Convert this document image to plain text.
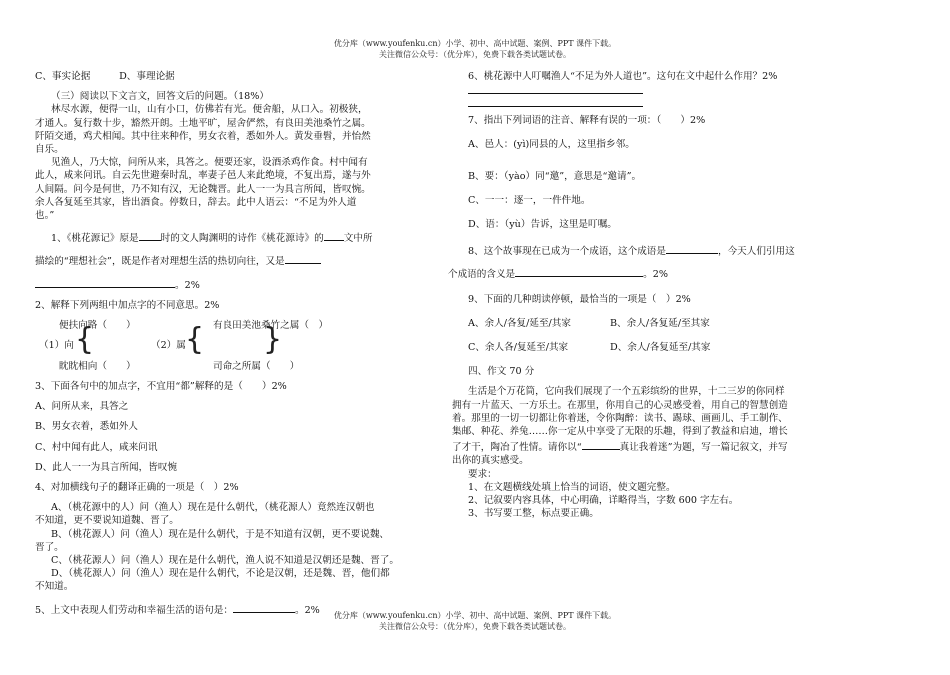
优分库（www.youfenku.cn）小学、初中、高中试题、案例、PPT 课件下载。
关注微信公众号：（优分库），免费下载各类试题试卷。

C、事实论据　　　D、事理论据

（三）阅读以下文言文，回答文后的问题。（18%）

林尽水源，便得一山，山有小口，仿佛若有光。便舍船，从口入。初极狭，

才通人。复行数十步，豁然开朗。土地平旷，屋舍俨然，有良田美池桑竹之属。

阡陌交通，鸡犬相闻。其中往来种作，男女衣着，悉如外人。黄发垂髫，并怡然

自乐。

见渔人，乃大惊，问所从来，具答之。便要还家，设酒杀鸡作食。村中闻有

此人，咸来问讯。自云先世避秦时乱，率妻子邑人来此绝境，不复出焉，遂与外

人间隔。问今是何世，乃不知有汉，无论魏晋。此人一一为具言所闻，皆叹惋。

余人各复延至其家，皆出酒食。停数日，辞去。此中人语云：“不足为外人道

也。”

1、《桃花源记》原是 时的文人陶渊明的诗作《桃花源诗》的 文中所

描绘的“理想社会”，既是作者对理想生活的热切向往，又是

。2%

2、解释下列两组中加点字的不同意思。2%

便扶向路（　　）	有良田美池桑竹之属（　）
（1）向 {	（2）属 { }
眈眈相向（　　）	司命之所属（　　）

3、下面各句中的加点字，不宜用“都”解释的是（　　）2%

A、问所从来，具答之

B、男女衣着，悉如外人

C、村中闻有此人，咸来问讯

D、此人一一为具言所闻，皆叹惋

4、对加横线句子的翻译正确的一项是（　）2%

A、（桃花源中的人）问（渔人）现在是什么朝代，（桃花源人）竟然连汉朝也

不知道，更不要说知道魏、晋了。

B、（桃花源人）问（渔人）现在是什么朝代，于是不知道有汉朝，更不要说魏、

晋了。

C、（桃花源人）问（渔人）现在是什么朝代，渔人说不知道是汉朝还是魏、晋了。

D、（桃花源人）问（渔人）现在是什么朝代，不论是汉朝，还是魏、晋，他们都

不知道。

5、上文中表现人们劳动和幸福生活的语句是：	。2%

6、桃花源中人叮嘱渔人“不足为外人道也”。这句在文中起什么作用？2%

7、指出下列词语的注音、解释有误的一项：（　　）2%

A、邑人：(yì)同县的人，这里指乡邻。

B、要：（yào）同“邀”，意思是“邀请”。

C、一一：逐一，一件件地。

D、语：（yù）告诉，这里是叮嘱。

8、这个故事现在已成为一个成语，这个成语是	，今天人们引用这

个成语的含义是	。2%

9、下面的几种朗读停顿，最恰当的一项是（　）2%

A、余人/各复/延至/其家	B、余人/各复延/至其家

C、余人各/复延至/其家	D、余人/各复延至/其家

四、作文 70 分

生活是个万花筒，它向我们展现了一个五彩缤纷的世界，十二三岁的你同样

拥有一片蓝天、一方乐土。在那里，你用自己的心灵感受着，用自己的智慧创造

着。那里的一切一切都让你着迷，令你陶醉：读书、踢球、画画儿、手工制作、

集邮、种花、养兔……你一定从中享受了无限的乐趣，得到了教益和启迪，增长

了才干，陶冶了性情。请你以“	真让我着迷”为题，写一篇记叙文，并写

出你的真实感受。

要求：

1、在文题横线处填上恰当的词语，使文题完整。

2、记叙要内容具体，中心明确，详略得当，字数 600 字左右。

3、书写要工整，标点要正确。

优分库（www.youfenku.cn）小学、初中、高中试题、案例、PPT 课件下载。
关注微信公众号：（优分库），免费下载各类试题试卷。
